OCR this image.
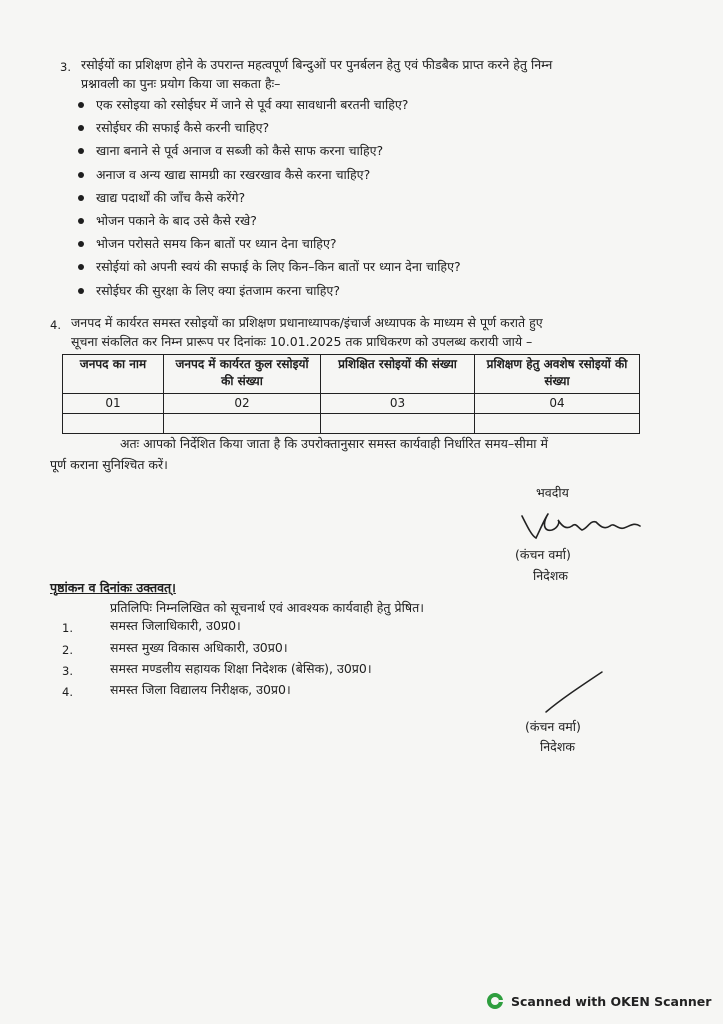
3. रसोईयों का प्रशिक्षण होने के उपरान्त महत्वपूर्ण बिन्दुओं पर पुनर्बलन हेतु एवं फीडबैक प्राप्त करने हेतु निम्न
प्रश्नावली का पुनः प्रयोग किया जा सकता हैः–
एक रसोइया को रसोईघर में जाने से पूर्व क्या सावधानी बरतनी चाहिए?
रसोईघर की सफाई कैसे करनी चाहिए?
खाना बनाने से पूर्व अनाज व सब्जी को कैसे साफ करना चाहिए?
अनाज व अन्य खाद्य सामग्री का रखरखाव कैसे करना चाहिए?
खाद्य पदार्थों की जाँच कैसे करेंगे?
भोजन पकाने के बाद उसे कैसे रखे?
भोजन परोसते समय किन बातों पर ध्यान देना चाहिए?
रसोईयां को अपनी स्वयं की सफाई के लिए किन–किन बातों पर ध्यान देना चाहिए?
रसोईघर की सुरक्षा के लिए क्या इंतजाम करना चाहिए?
4. जनपद में कार्यरत समस्त रसोइयों का प्रशिक्षण प्रधानाध्यापक/इंचार्ज अध्यापक के माध्यम से पूर्ण कराते हुए
सूचना संकलित कर निम्न प्रारूप पर दिनांकः 10.01.2025 तक प्राधिकरण को उपलब्ध करायी जाये –
जनपद का नाम	जनपद में कार्यरत कुल रसोइयों की संख्या	प्रशिक्षित रसोइयों की संख्या	प्रशिक्षण हेतु अवशेष रसोइयों की संख्या
01	02	03	04

अतः आपको निर्देशित किया जाता है कि उपरोक्तानुसार समस्त कार्यवाही निर्धारित समय–सीमा में
पूर्ण कराना सुनिश्चित करें।
भवदीय
(कंचन वर्मा)
निदेशक
पृष्ठांकन व दिनांकः उक्तवत्।
प्रतिलिपिः निम्नलिखित को सूचनार्थ एवं आवश्यक कार्यवाही हेतु प्रेषित।
1.	समस्त जिलाधिकारी, उ0प्र0।
2.	समस्त मुख्य विकास अधिकारी, उ0प्र0।
3.	समस्त मण्डलीय सहायक शिक्षा निदेशक (बेसिक), उ0प्र0।
4.	समस्त जिला विद्यालय निरीक्षक, उ0प्र0।
(कंचन वर्मा)
निदेशक
Scanned with OKEN Scanner
